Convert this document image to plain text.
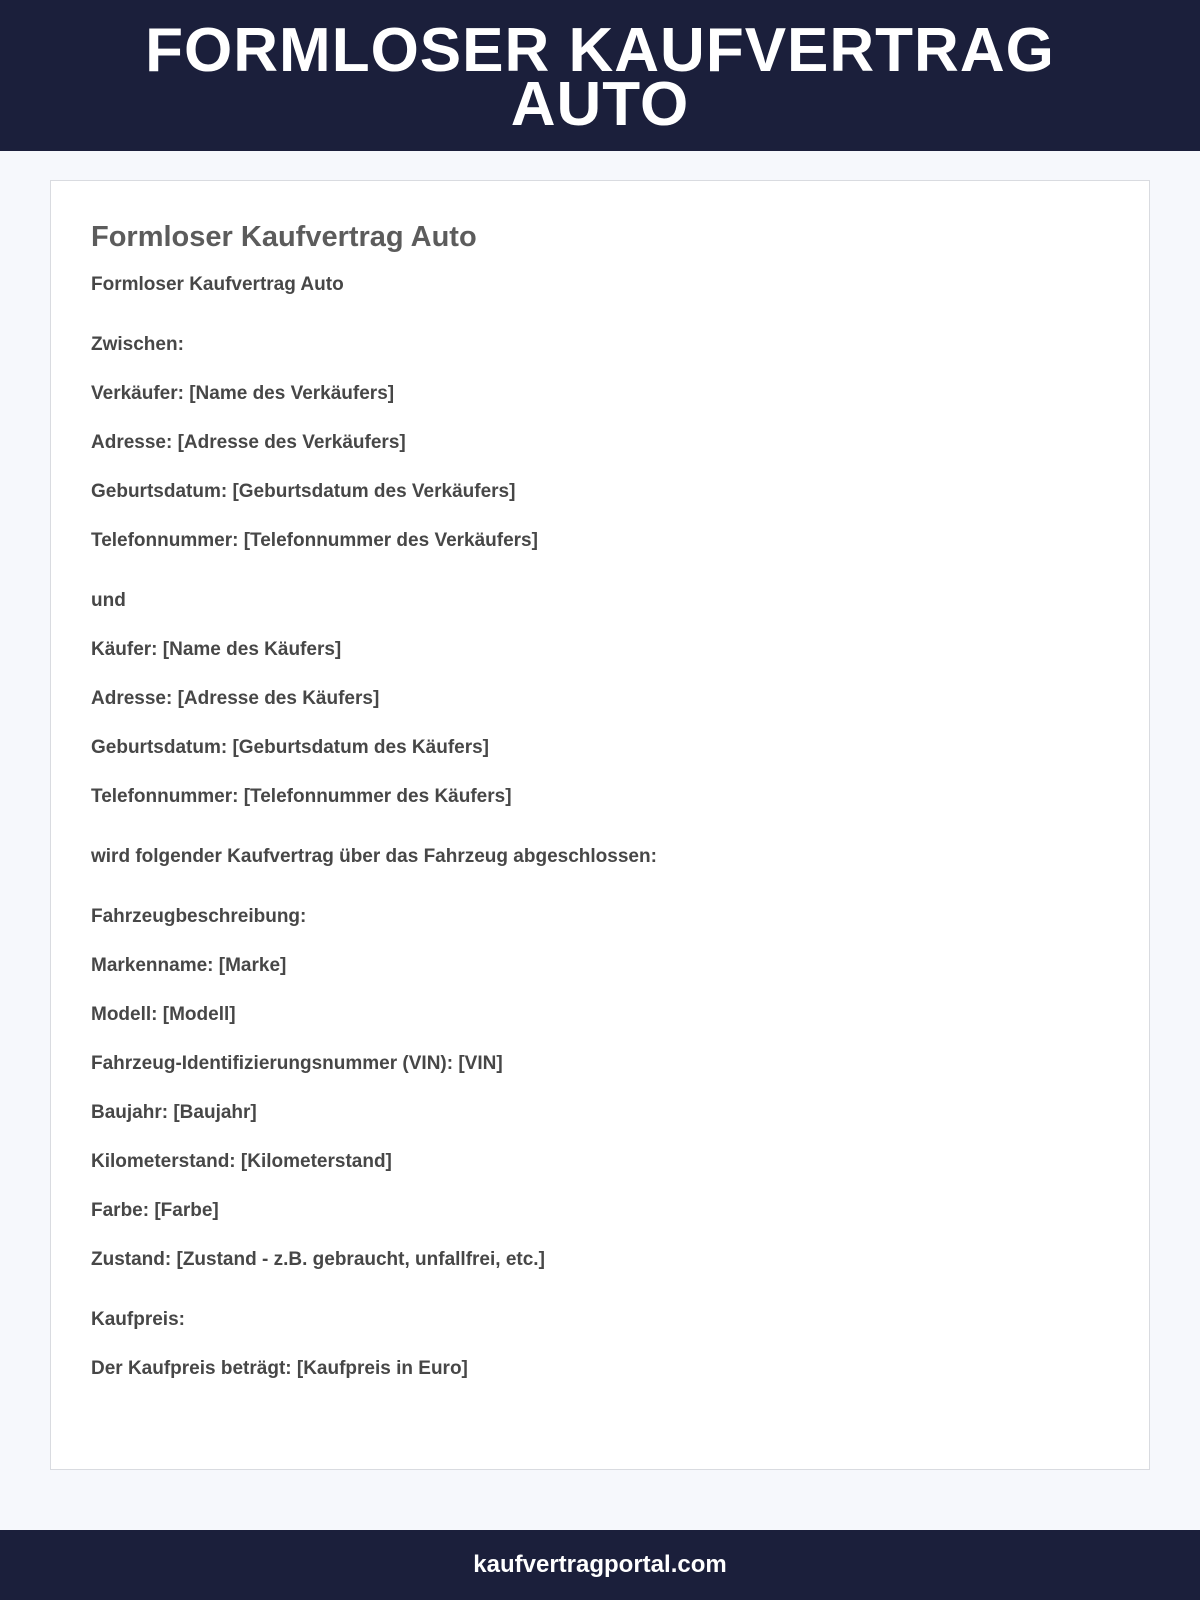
FORMLOSER KAUFVERTRAG AUTO
Formloser Kaufvertrag Auto

Formloser Kaufvertrag Auto

Zwischen:
Verkäufer: [Name des Verkäufers]
Adresse: [Adresse des Verkäufers]
Geburtsdatum: [Geburtsdatum des Verkäufers]
Telefonnummer: [Telefonnummer des Verkäufers]
und
Käufer: [Name des Käufers]
Adresse: [Adresse des Käufers]
Geburtsdatum: [Geburtsdatum des Käufers]
Telefonnummer: [Telefonnummer des Käufers]
wird folgender Kaufvertrag über das Fahrzeug abgeschlossen:
Fahrzeugbeschreibung:
Markenname: [Marke]
Modell: [Modell]
Fahrzeug-Identifizierungsnummer (VIN): [VIN]
Baujahr: [Baujahr]
Kilometerstand: [Kilometerstand]
Farbe: [Farbe]
Zustand: [Zustand - z.B. gebraucht, unfallfrei, etc.]
Kaufpreis:
Der Kaufpreis beträgt: [Kaufpreis in Euro]
kaufvertragportal.com
